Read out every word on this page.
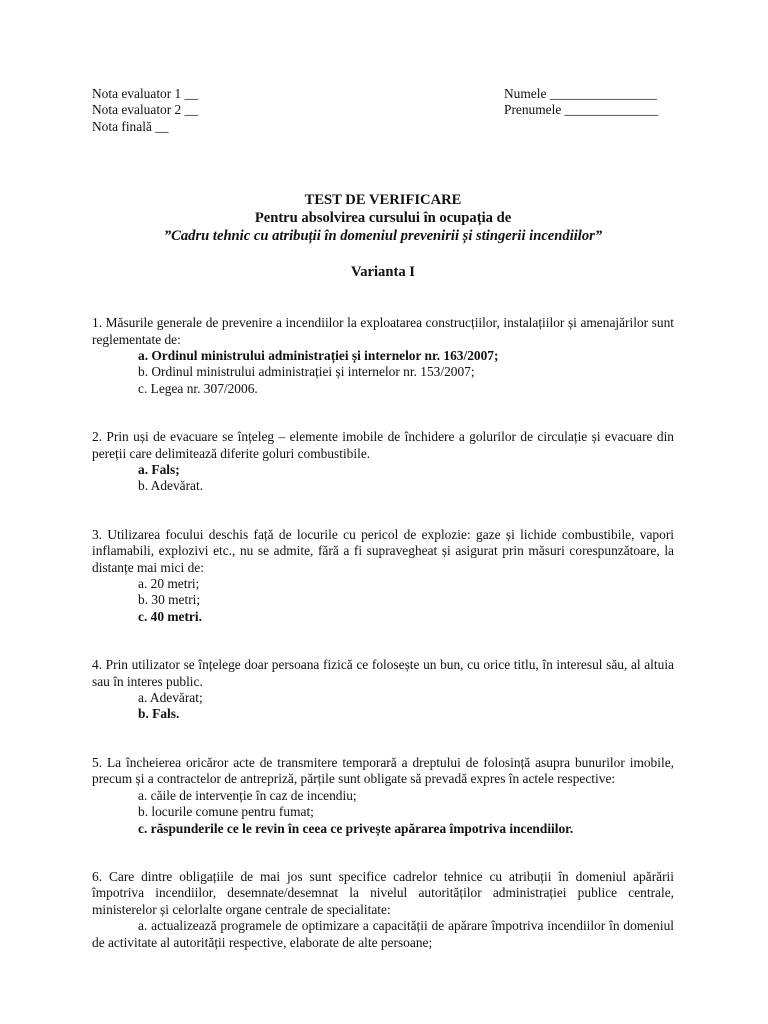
Nota evaluator 1 __	Numele ________________
Nota evaluator 2 __	Prenumele ______________
Nota finală __
TEST DE VERIFICARE
Pentru absolvirea cursului în ocupația de
”Cadru tehnic cu atribuții în domeniul prevenirii și stingerii incendiilor”
Varianta I
1. Măsurile generale de prevenire a incendiilor la exploatarea construcțiilor, instalațiilor și amenajărilor sunt reglementate de:
a. Ordinul ministrului administrației și internelor nr. 163/2007;
b. Ordinul ministrului administrației și internelor nr. 153/2007;
c. Legea nr. 307/2006.
2. Prin uși de evacuare se înțeleg – elemente imobile de închidere a golurilor de circulație și evacuare din pereții care delimitează diferite goluri combustibile.
a. Fals;
b. Adevărat.
3. Utilizarea focului deschis față de locurile cu pericol de explozie: gaze și lichide combustibile, vapori inflamabili, explozivi etc., nu se admite, fără a fi supravegheat și asigurat prin măsuri corespunzătoare, la distanțe mai mici de:
a. 20 metri;
b. 30 metri;
c. 40 metri.
4. Prin utilizator se înțelege doar persoana fizică ce folosește un bun, cu orice titlu, în interesul său, al altuia sau în interes public.
a. Adevărat;
b. Fals.
5. La încheierea oricăror acte de transmitere temporară a dreptului de folosință asupra bunurilor imobile, precum și a contractelor de antrepriză, părțile sunt obligate să prevadă expres în actele respective:
a. căile de intervenție în caz de incendiu;
b. locurile comune pentru fumat;
c. răspunderile ce le revin în ceea ce privește apărarea împotriva incendiilor.
6. Care dintre obligațiile de mai jos sunt specifice cadrelor tehnice cu atribuții în domeniul apărării împotriva incendiilor, desemnate/desemnat la nivelul autorităților administrației publice centrale, ministerelor și celorlalte organe centrale de specialitate:
a. actualizează programele de optimizare a capacității de apărare împotriva incendiilor în domeniul de activitate al autorității respective, elaborate de alte persoane;
